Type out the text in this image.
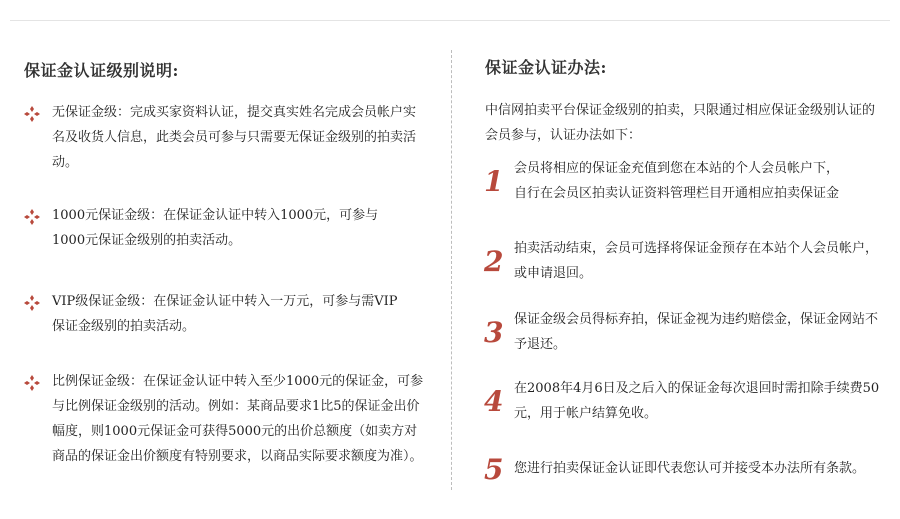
保证金认证级别说明:
无保证金级：完成买家资料认证，提交真实姓名完成会员帐户实名及收货人信息，此类会员可参与只需要无保证金级别的拍卖活动。
1000元保证金级：在保证金认证中转入1000元，可参与1000元保证金级别的拍卖活动。
VIP级保证金级：在保证金认证中转入一万元，可参与需VIP保证金级别的拍卖活动。
比例保证金级：在保证金认证中转入至少1000元的保证金，可参与比例保证金级别的活动。例如：某商品要求1比5的保证金出价幅度，则1000元保证金可获得5000元的出价总额度（如卖方对商品的保证金出价额度有特别要求，以商品实际要求额度为准）。
保证金认证办法:
中信网拍卖平台保证金级别的拍卖，只限通过相应保证金级别认证的会员参与，认证办法如下：
1 会员将相应的保证金充值到您在本站的个人会员帐户下，
自行在会员区拍卖认证资料管理栏目开通相应拍卖保证金
2 拍卖活动结束，会员可选择将保证金预存在本站个人会员帐户，或申请退回。
3 保证金级会员得标弃拍，保证金视为违约赔偿金，保证金网站不予退还。
4 在2008年4月6日及之后入的保证金每次退回时需扣除手续费50元，用于帐户结算免收。
5 您进行拍卖保证金认证即代表您认可并接受本办法所有条款。
